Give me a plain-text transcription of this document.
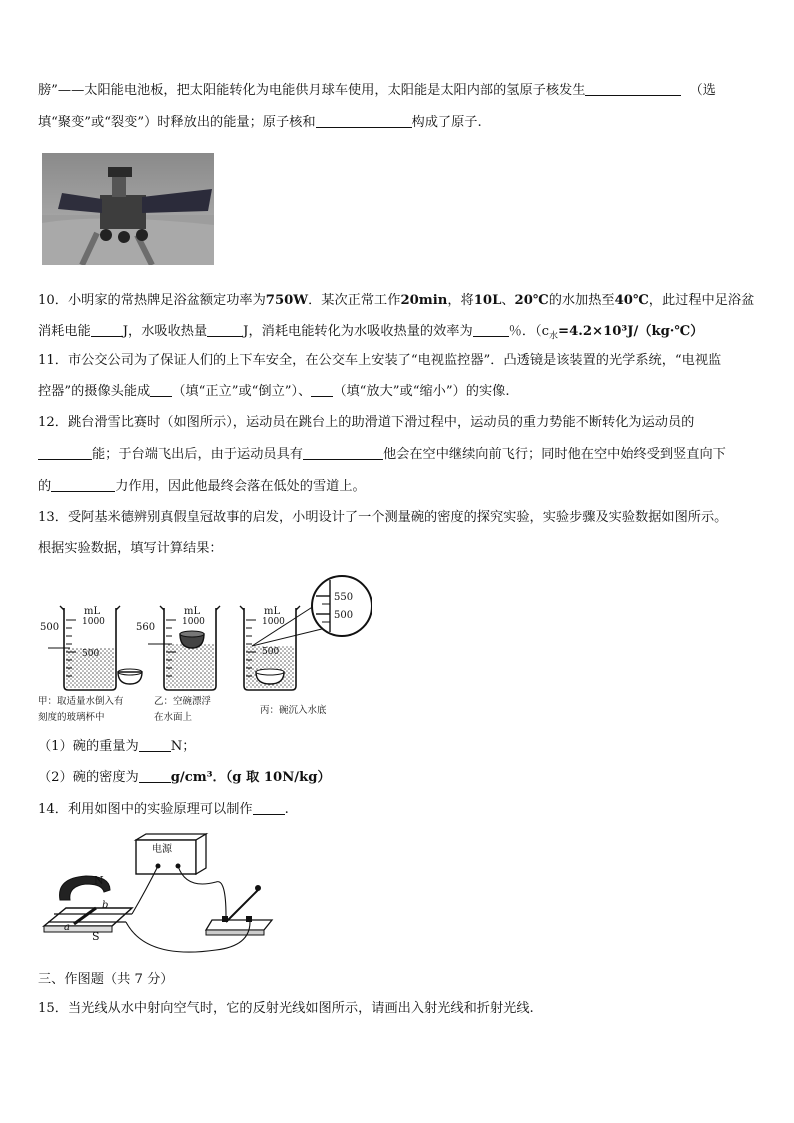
膀”——太阳能电池板，把太阳能转化为电能供月球车使用，太阳能是太阳内部的氢原子核发生	（选
填“聚变”或“裂变”）时释放出的能量；原子核和	构成了原子.
10．小明家的常热牌足浴盆额定功率为750W．某次正常工作20min，将10L、20℃的水加热至40℃，此过程中足浴盆
消耗电能 J，水吸收热量	J，消耗电能转化为水吸收热量的效率为	％．（$c_水=4.2\times 10^3J/(kg\cdot℃)$
11．市公交公司为了保证人们的上下车安全，在公交车上安装了“电视监控器”．凸透镜是该装置的光学系统，“电视监
控器”的摄像头能成 （填“正立”或“倒立”）、 （填“放大”或“缩小”）的实像.
12．跳台滑雪比赛时（如图所示），运动员在跳台上的助滑道下滑过程中，运动员的重力势能不断转化为运动员的
能；于台端飞出后，由于运动员具有	他会在空中继续向前飞行；同时他在空中始终受到竖直向下
的	力作用，因此他最终会落在低处的雪道上。
13．受阿基米德辨别真假皇冠故事的启发，小明设计了一个测量碗的密度的探究实验，实验步骤及实验数据如图所示。
根据实验数据，填写计算结果：
mL
1000
500
500
mL
1000
560
mL
1000
500
550
500
甲：取适量水倒入有
刻度的玻璃杯中
乙：空碗漂浮
在水面上
丙：碗沉入水底
（1）碗的重量为 N；
（2）碗的密度为 g/cm³．（g 取 10N/kg）
14．利用如图中的实验原理可以制作 .
电源
N
S
b
a
三、作图题（共 7 分）
15．当光线从水中射向空气时，它的反射光线如图所示，请画出入射光线和折射光线.
